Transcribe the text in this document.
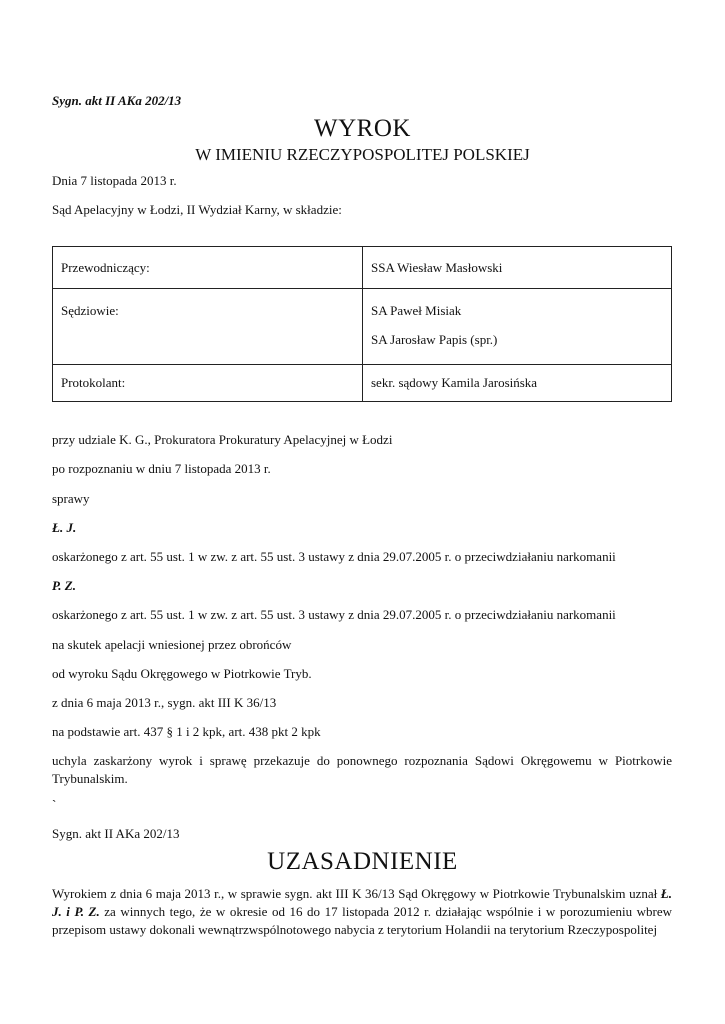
Sygn. akt II AKa 202/13
WYROK
W IMIENIU RZECZYPOSPOLITEJ POLSKIEJ
Dnia 7 listopada 2013 r.
Sąd Apelacyjny w Łodzi, II Wydział Karny, w składzie:
Przewodniczący:	SSA Wiesław Masłowski
Sędziowie:	SA Paweł Misiak
SA Jarosław Papis (spr.)
Protokolant:	sekr. sądowy Kamila Jarosińska
przy udziale K. G., Prokuratora Prokuratury Apelacyjnej w Łodzi
po rozpoznaniu w dniu 7 listopada 2013 r.
sprawy
Ł. J.
oskarżonego z art. 55 ust. 1 w zw. z art. 55 ust. 3 ustawy z dnia 29.07.2005 r. o przeciwdziałaniu narkomanii
P. Z.
oskarżonego z art. 55 ust. 1 w zw. z art. 55 ust. 3 ustawy z dnia 29.07.2005 r. o przeciwdziałaniu narkomanii
na skutek apelacji wniesionej przez obrońców
od wyroku Sądu Okręgowego w Piotrkowie Tryb.
z dnia 6 maja 2013 r., sygn. akt III K 36/13
na podstawie art. 437 § 1 i 2 kpk, art. 438 pkt 2 kpk
uchyla zaskarżony wyrok i sprawę przekazuje do ponownego rozpoznania Sądowi Okręgowemu w Piotrkowie Trybunalskim.
`
Sygn. akt II AKa 202/13
UZASADNIENIE
Wyrokiem z dnia 6 maja 2013 r., w sprawie sygn. akt III K 36/13 Sąd Okręgowy w Piotrkowie Trybunalskim uznał Ł. J. i P. Z. za winnych tego, że w okresie od 16 do 17 listopada 2012 r. działając wspólnie i w porozumieniu wbrew przepisom ustawy dokonali wewnątrzwspólnotowego nabycia z terytorium Holandii na terytorium Rzeczypospolitej
